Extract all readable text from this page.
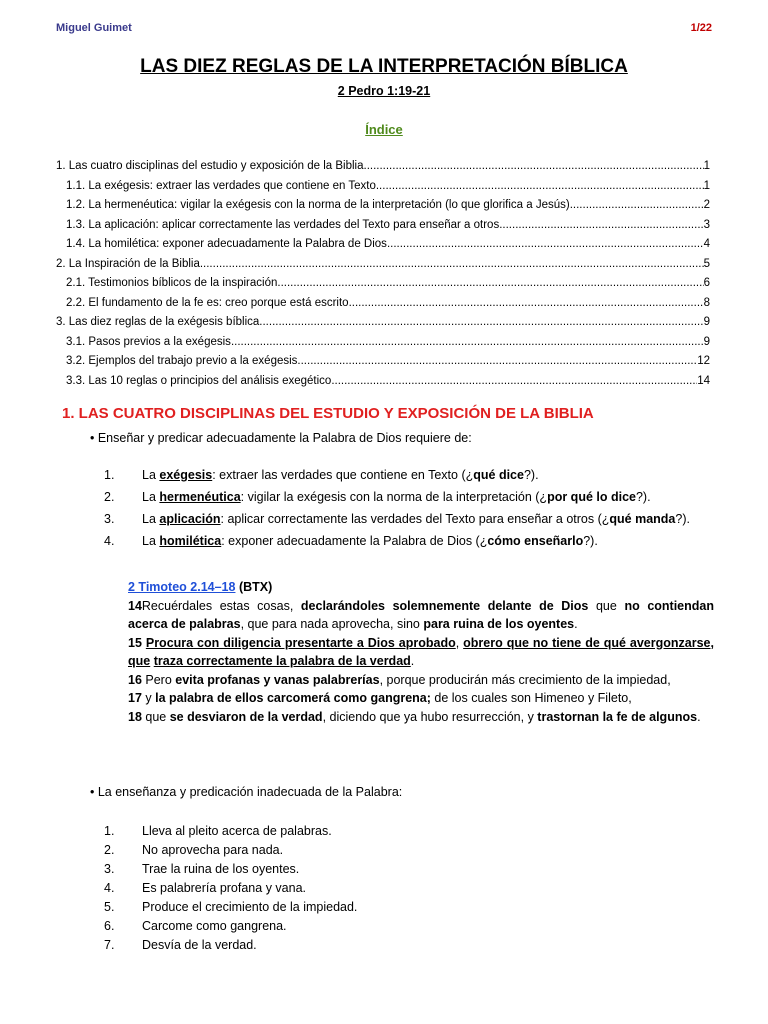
Miguel Guimet	1/22
LAS DIEZ REGLAS DE LA INTERPRETACIÓN BÍBLICA
2 Pedro 1:19-21
Índice
1. Las cuatro disciplinas del estudio y exposición de la Biblia .....	1
1.1. La exégesis: extraer las verdades que contiene en Texto .....	1
1.2. La hermenéutica: vigilar la exégesis con la norma de la interpretación (lo que glorifica a Jesús) .....	2
1.3. La aplicación: aplicar correctamente las verdades del Texto para enseñar a otros .....	3
1.4. La homilética: exponer adecuadamente la Palabra de Dios .....	4
2. La Inspiración de la Biblia .....	5
2.1. Testimonios bíblicos de la inspiración .....	6
2.2. El fundamento de la fe es: creo porque está escrito .....	8
3. Las diez reglas de la exégesis bíblica .....	9
3.1. Pasos previos a la exégesis .....	9
3.2. Ejemplos del trabajo previo a la exégesis .....	12
3.3. Las 10 reglas o principios del análisis exegético .....	14
1. LAS CUATRO DISCIPLINAS DEL ESTUDIO Y EXPOSICIÓN DE LA BIBLIA
• Enseñar y predicar adecuadamente la Palabra de Dios requiere de:
1.	La exégesis: extraer las verdades que contiene en Texto (¿qué dice?).
2.	La hermenéutica: vigilar la exégesis con la norma de la interpretación (¿por qué lo dice?).
3.	La aplicación: aplicar correctamente las verdades del Texto para enseñar a otros (¿qué manda?).
4.	La homilética: exponer adecuadamente la Palabra de Dios (¿cómo enseñarlo?).
2 Timoteo 2.14–18 (BTX)
14Recuérdales estas cosas, declarándoles solemnemente delante de Dios que no contiendan acerca de palabras, que para nada aprovecha, sino para ruina de los oyentes.
15 Procura con diligencia presentarte a Dios aprobado, obrero que no tiene de qué avergonzarse, que traza correctamente la palabra de la verdad.
16 Pero evita profanas y vanas palabrerías, porque producirán más crecimiento de la impiedad,
17 y la palabra de ellos carcomerá como gangrena; de los cuales son Himeneo y Fileto,
18 que se desviaron de la verdad, diciendo que ya hubo resurrección, y trastornan la fe de algunos.
• La enseñanza y predicación inadecuada de la Palabra:
1.	Lleva al pleito acerca de palabras.
2.	No aprovecha para nada.
3.	Trae la ruina de los oyentes.
4.	Es palabrería profana y vana.
5.	Produce el crecimiento de la impiedad.
6.	Carcome como gangrena.
7.	Desvía de la verdad.
